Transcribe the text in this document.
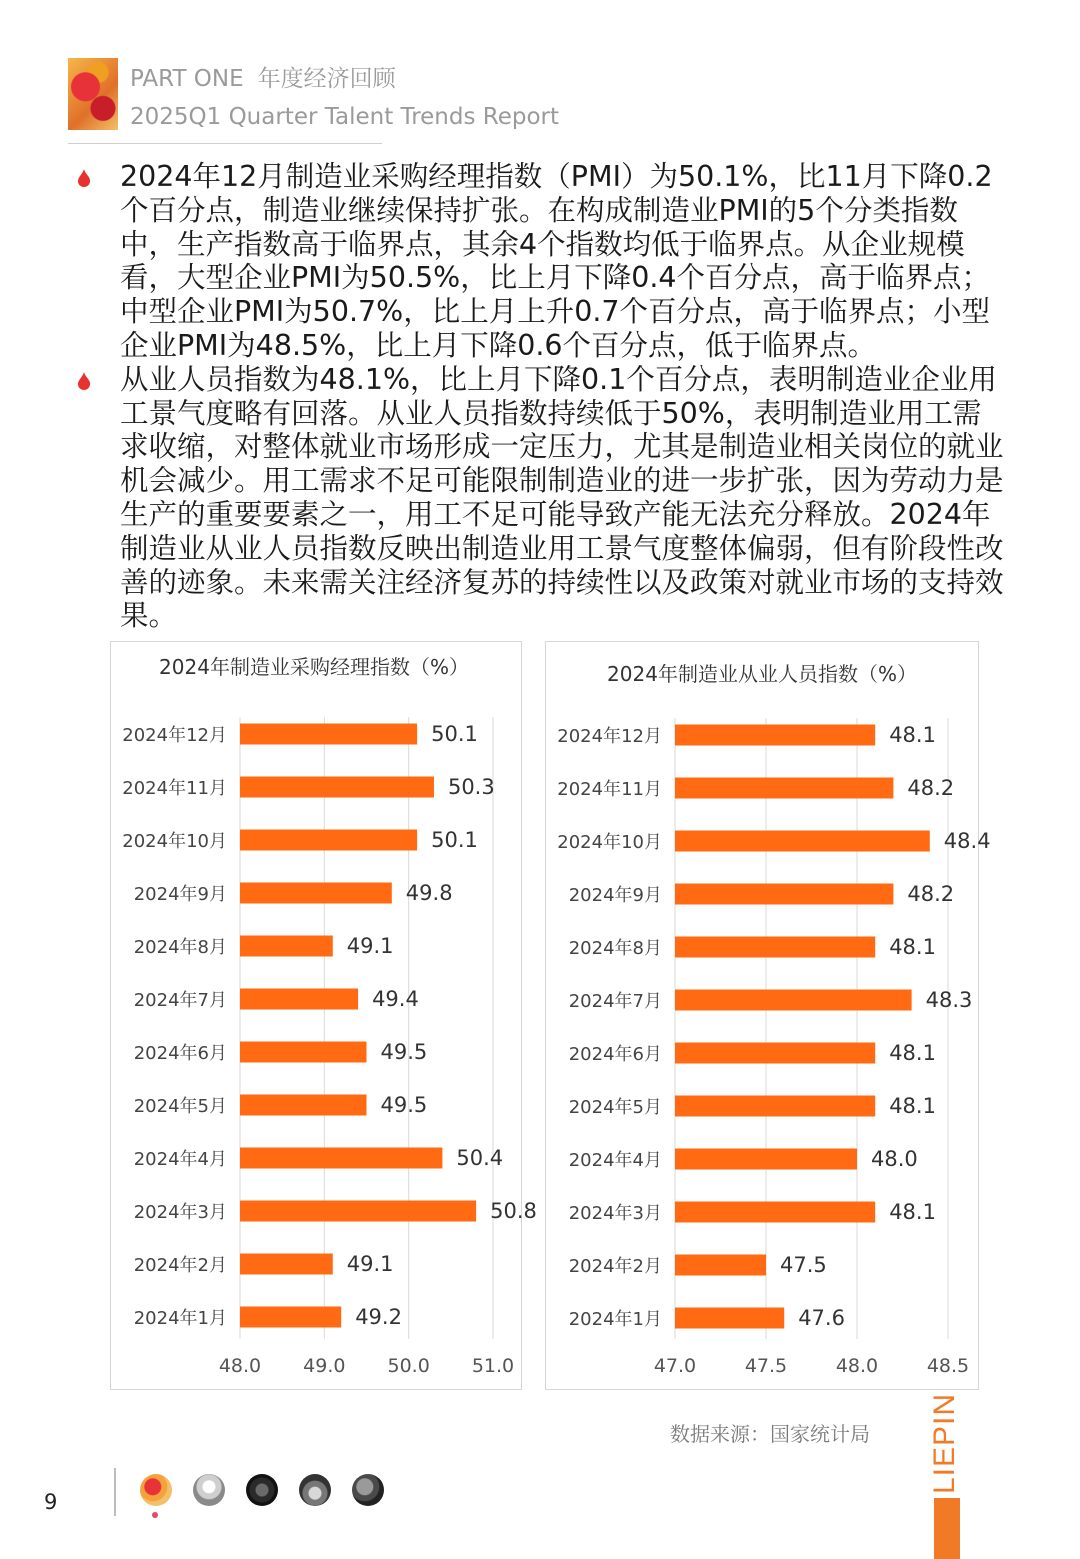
PART ONE 年度经济回顾
2025Q1 Quarter Talent Trends Report

2024年12月制造业采购经理指数（PMI）为50.1%，比11月下降0.2个百分点，制造业继续保持扩张。在构成制造业PMI的5个分类指数中，生产指数高于临界点，其余4个指数均低于临界点。从企业规模看，大型企业PMI为50.5%，比上月下降0.4个百分点，高于临界点；中型企业PMI为50.7%，比上月上升0.7个百分点，高于临界点；小型企业PMI为48.5%，比上月下降0.6个百分点，低于临界点。

从业人员指数为48.1%，比上月下降0.1个百分点，表明制造业企业用工景气度略有回落。从业人员指数持续低于50%，表明制造业用工需求收缩，对整体就业市场形成一定压力，尤其是制造业相关岗位的就业机会减少。用工需求不足可能限制制造业的进一步扩张，因为劳动力是生产的重要要素之一，用工不足可能导致产能无法充分释放。2024年制造业从业人员指数反映出制造业用工景气度整体偏弱，但有阶段性改善的迹象。未来需关注经济复苏的持续性以及政策对就业市场的支持效果。

2024年制造业采购经理指数（%）
48.0 49.0 50.0 51.0
2024年12月	50.1
2024年11月	50.3
2024年10月	50.1
2024年9月	49.8
2024年8月	49.1
2024年7月	49.4
2024年6月	49.5
2024年5月	49.5
2024年4月	50.4
2024年3月	50.8
2024年2月	49.1
2024年1月	49.2
2024年制造业从业人员指数（%）
47.0	47.5	48.0	48.5
2024年12月	48.1
2024年11月	48.2
2024年10月	48.4
2024年9月	48.2
2024年8月	48.1
2024年7月	48.3
2024年6月	48.1
2024年5月	48.1
2024年4月	48.0
2024年3月	48.1
2024年2月	47.5
2024年1月	47.6
数据来源：国家统计局
9
LIEPIN
